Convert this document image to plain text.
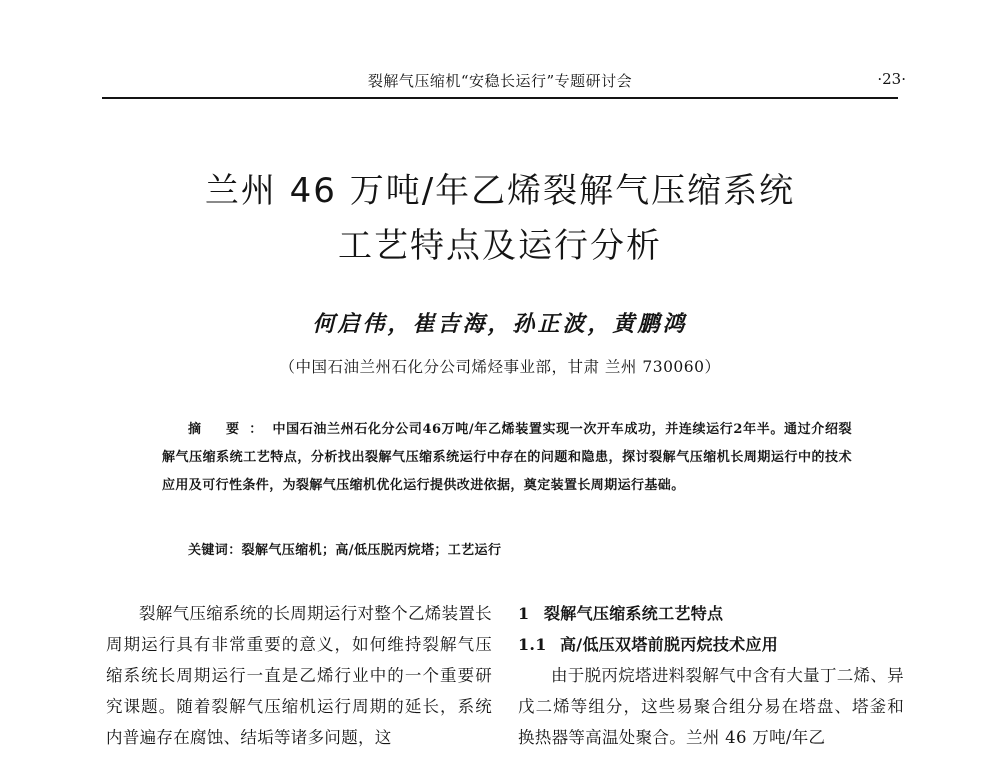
裂解气压缩机“安稳长运行”专题研讨会	·23·
兰州 46 万吨/年乙烯裂解气压缩系统
工艺特点及运行分析
何启伟，崔吉海，孙正波，黄鹏鸿
（中国石油兰州石化分公司烯烃事业部，甘肃 兰州 730060）

摘 要：中国石油兰州石化分公司46万吨/年乙烯装置实现一次开车成功，并连续运行2年半。通过介绍裂解气压缩系统工艺特点，分析找出裂解气压缩系统运行中存在的问题和隐患，探讨裂解气压缩机长周期运行中的技术应用及可行性条件，为裂解气压缩机优化运行提供改进依据，奠定装置长周期运行基础。

关键词：裂解气压缩机；高/低压脱丙烷塔；工艺运行

裂解气压缩系统的长周期运行对整个乙烯装置长周期运行具有非常重要的意义，如何维持裂解气压缩系统长周期运行一直是乙烯行业中的一个重要研究课题。随着裂解气压缩机运行周期的延长，系统内普遍存在腐蚀、结垢等诸多问题，这

1 裂解气压缩系统工艺特点
1.1 高/低压双塔前脱丙烷技术应用
由于脱丙烷塔进料裂解气中含有大量丁二烯、异戊二烯等组分，这些易聚合组分易在塔盘、塔釜和换热器等高温处聚合。兰州 46 万吨/年乙
